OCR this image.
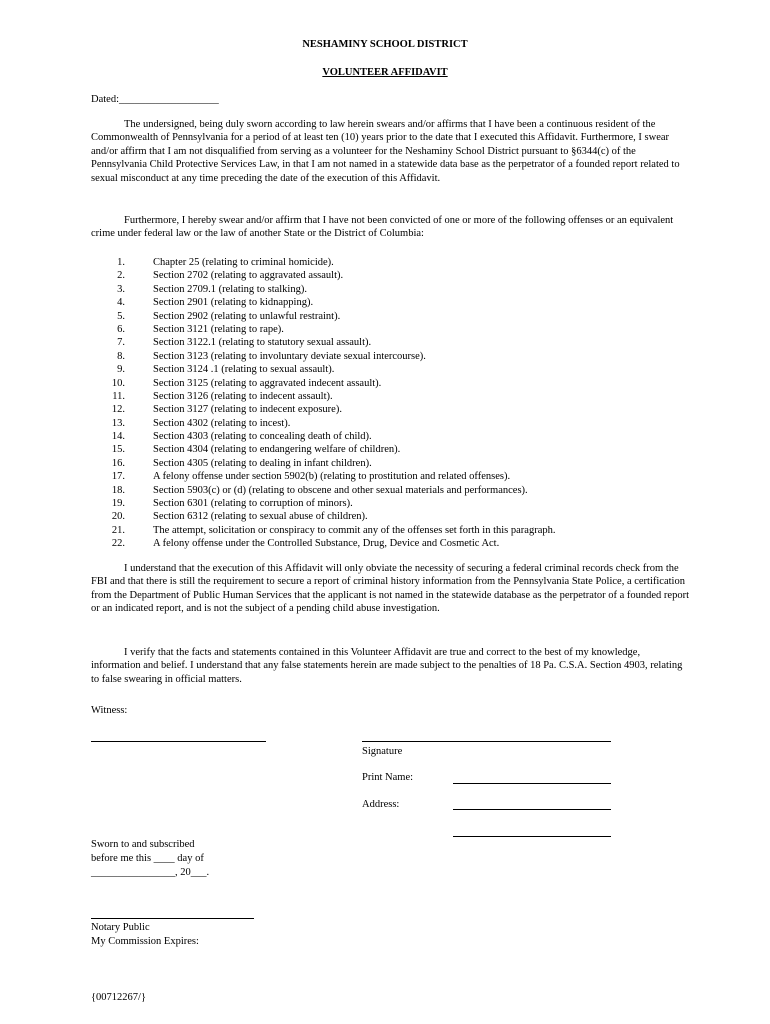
NESHAMINY SCHOOL DISTRICT
VOLUNTEER AFFIDAVIT
Dated:___________________
The undersigned, being duly sworn according to law herein swears and/or affirms that I have been a continuous resident of the Commonwealth of Pennsylvania for a period of at least ten (10) years prior to the date that I executed this Affidavit. Furthermore, I swear and/or affirm that I am not disqualified from serving as a volunteer for the Neshaminy School District pursuant to §6344(c) of the Pennsylvania Child Protective Services Law, in that I am not named in a statewide data base as the perpetrator of a founded report related to sexual misconduct at any time preceding the date of the execution of this Affidavit.
Furthermore, I hereby swear and/or affirm that I have not been convicted of one or more of the following offenses or an equivalent crime under federal law or the law of another State or the District of Columbia:
1.	Chapter 25 (relating to criminal homicide).
2.	Section 2702 (relating to aggravated assault).
3.	Section 2709.1 (relating to stalking).
4.	Section 2901 (relating to kidnapping).
5.	Section 2902 (relating to unlawful restraint).
6.	Section 3121 (relating to rape).
7.	Section 3122.1 (relating to statutory sexual assault).
8.	Section 3123 (relating to involuntary deviate sexual intercourse).
9.	Section 3124 .1 (relating to sexual assault).
10.	Section 3125 (relating to aggravated indecent assault).
11.	Section 3126 (relating to indecent assault).
12.	Section 3127 (relating to indecent exposure).
13.	Section 4302 (relating to incest).
14.	Section 4303 (relating to concealing death of child).
15.	Section 4304 (relating to endangering welfare of children).
16.	Section 4305 (relating to dealing in infant children).
17.	A felony offense under section 5902(b) (relating to prostitution and related offenses).
18.	Section 5903(c) or (d) (relating to obscene and other sexual materials and performances).
19.	Section 6301 (relating to corruption of minors).
20.	Section 6312 (relating to sexual abuse of children).
21.	The attempt, solicitation or conspiracy to commit any of the offenses set forth in this paragraph.
22.	A felony offense under the Controlled Substance, Drug, Device and Cosmetic Act.
I understand that the execution of this Affidavit will only obviate the necessity of securing a federal criminal records check from the FBI and that there is still the requirement to secure a report of criminal history information from the Pennsylvania State Police, a certification from the Department of Public Human Services that the applicant is not named in the statewide database as the perpetrator of a founded report or an indicated report, and is not the subject of a pending child abuse investigation.
I verify that the facts and statements contained in this Volunteer Affidavit are true and correct to the best of my knowledge, information and belief. I understand that any false statements herein are made subject to the penalties of 18 Pa. C.S.A. Section 4903, relating to false swearing in official matters.
Witness:
Signature
Print Name:
Address:
Sworn to and subscribed
before me this ____ day of
________________, 20___.
Notary Public
My Commission Expires:
{00712267/}
